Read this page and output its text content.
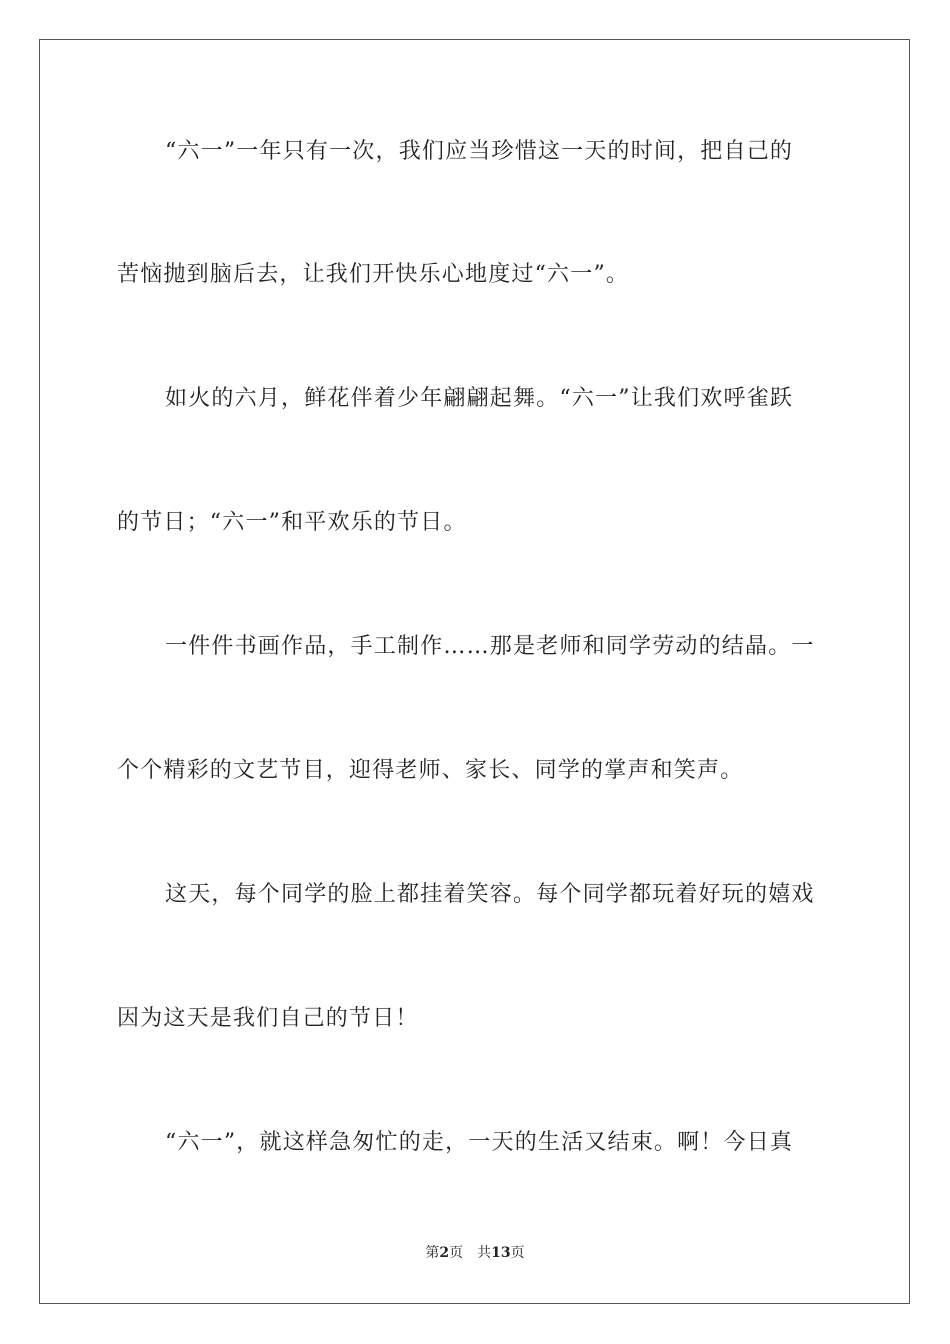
“六一”一年只有一次，我们应当珍惜这一天的时间，把自己的
苦恼抛到脑后去，让我们开快乐心地度过“六一”。
如火的六月，鲜花伴着少年翩翩起舞。“六一”让我们欢呼雀跃
的节日；“六一”和平欢乐的节日。
一件件书画作品，手工制作……那是老师和同学劳动的结晶。一
个个精彩的文艺节目，迎得老师、家长、同学的掌声和笑声。
这天，每个同学的脸上都挂着笑容。每个同学都玩着好玩的嬉戏
因为这天是我们自己的节日！
“六一”，就这样急匆忙的走，一天的生活又结束。啊！今日真
第2页 共13页
